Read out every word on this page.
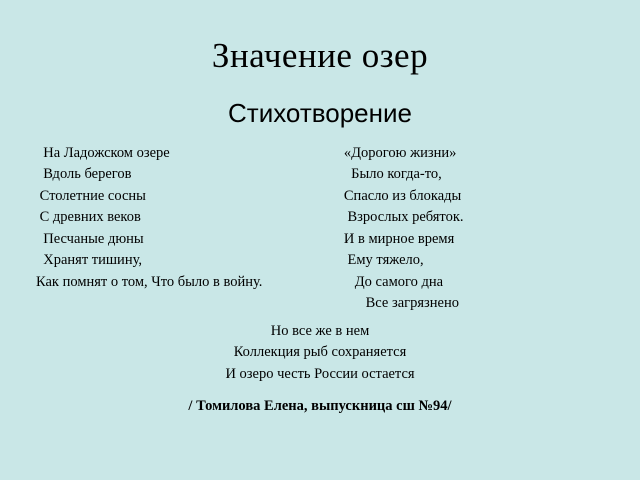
Значение озер
Стихотворение
На Ладожском озере	«Дорогою жизни»
Вдоль берегов	Было когда-то,
Столетние сосны	Спасло из блокады
С древних веков	Взрослых ребяток.
Песчаные дюны	И в мирное время
Хранят тишину,	Ему тяжело,
Как помнят о том, Что было в войну.	До самого дна
Все загрязнено
Но все же в нем
Коллекция рыб сохраняется
И озеро честь России остается
/ Томилова Елена, выпускница сш №94/
